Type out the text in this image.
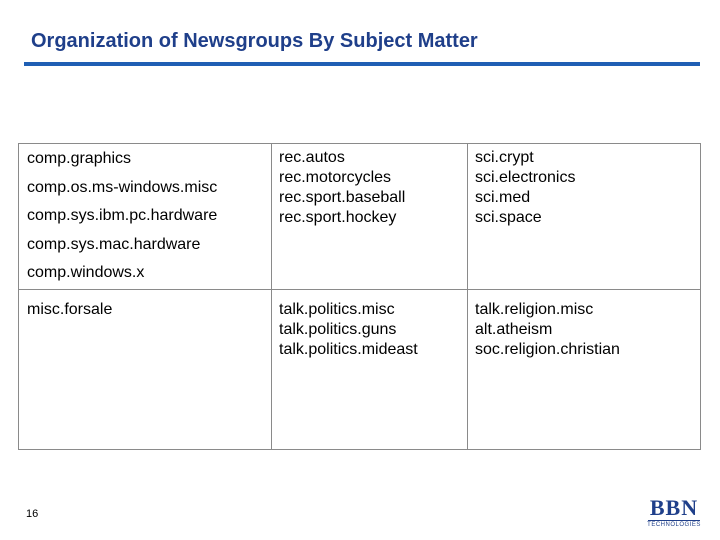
Organization of Newsgroups By Subject Matter
comp.graphics
comp.os.ms-windows.misc
comp.sys.ibm.pc.hardware
comp.sys.mac.hardware
comp.windows.x
rec.autos
rec.motorcycles
rec.sport.baseball
rec.sport.hockey
sci.crypt
sci.electronics
sci.med
sci.space
misc.forsale	talk.politics.misc
talk.politics.guns
talk.politics.mideast
talk.religion.misc
alt.atheism
soc.religion.christian
16	BBN
TECHNOLOGIES
